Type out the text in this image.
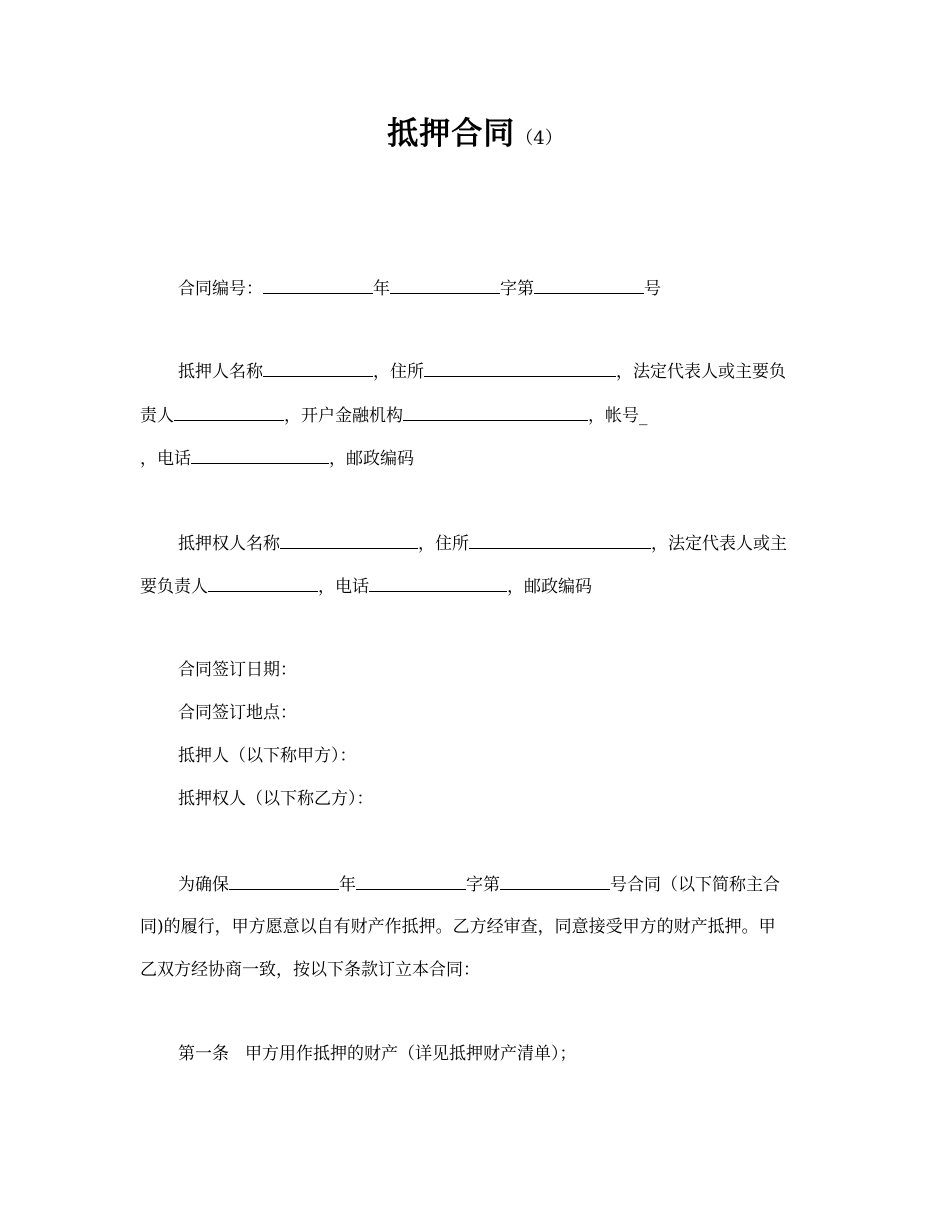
抵押合同（4）
合同编号：	年	字第	号
抵押人名称	，住所	，法定代表人或主要负
责人	，开户金融机构	，帐号_
，电话	，邮政编码
抵押权人名称	，住所	，法定代表人或主
要负责人	，电话	，邮政编码
合同签订日期：
合同签订地点：
抵押人（以下称甲方）：
抵押权人（以下称乙方）：
为确保	年	字第	号合同（以下简称主合
同)的履行，甲方愿意以自有财产作抵押。乙方经审查，同意接受甲方的财产抵押。甲
乙双方经协商一致，按以下条款订立本合同：
第一条 甲方用作抵押的财产（详见抵押财产清单）；
